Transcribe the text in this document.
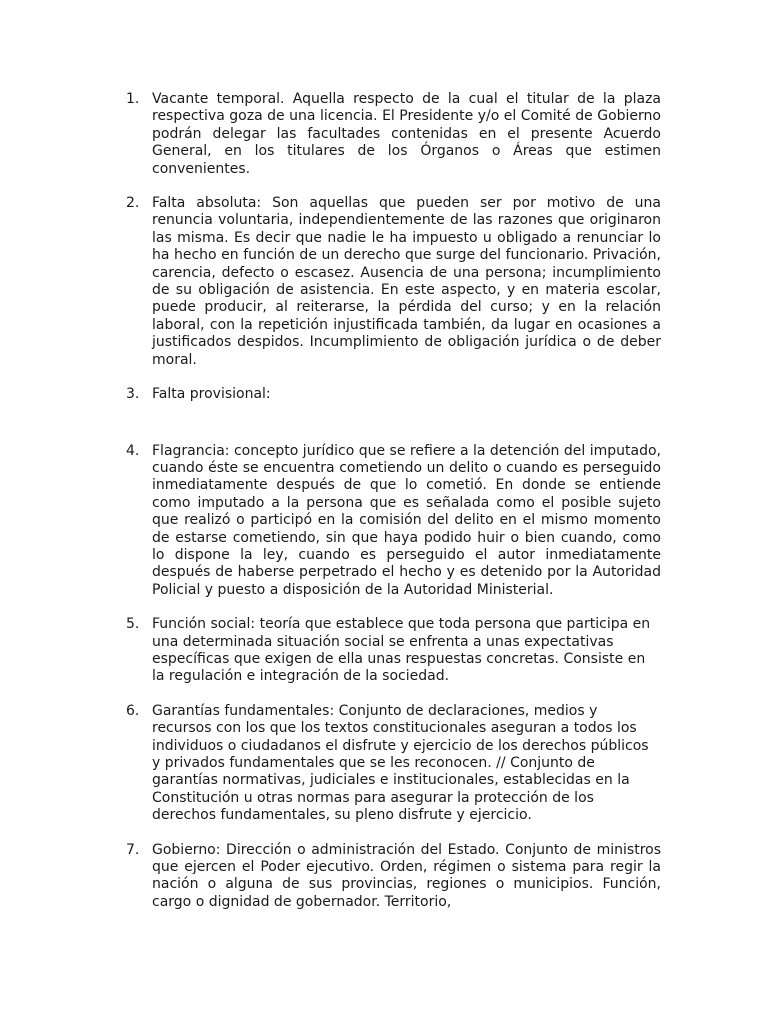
1. Vacante temporal. Aquella respecto de la cual el titular de la plaza respectiva goza de una licencia. El Presidente y/o el Comité de Gobierno podrán delegar las facultades contenidas en el presente Acuerdo General, en los titulares de los Órganos o Áreas que estimen convenientes.
2. Falta absoluta: Son aquellas que pueden ser por motivo de una renuncia voluntaria, independientemente de las razones que originaron las misma. Es decir que nadie le ha impuesto u obligado a renunciar lo ha hecho en función de un derecho que surge del funcionario. Privación, carencia, defecto o escasez. Ausencia de una persona; incumplimiento de su obligación de asistencia. En este aspecto, y en materia escolar, puede producir, al reiterarse, la pérdida del curso; y en la relación laboral, con la repetición injustificada también, da lugar en ocasiones a justificados despidos. Incumplimiento de obligación jurídica o de deber moral.
3. Falta provisional:
4. Flagrancia: concepto jurídico que se refiere a la detención del imputado, cuando éste se encuentra cometiendo un delito o cuando es perseguido inmediatamente después de que lo cometió. En donde se entiende como imputado a la persona que es señalada como el posible sujeto que realizó o participó en la comisión del delito en el mismo momento de estarse cometiendo, sin que haya podido huir o bien cuando, como lo dispone la ley, cuando es perseguido el autor inmediatamente después de haberse perpetrado el hecho y es detenido por la Autoridad Policial y puesto a disposición de la Autoridad Ministerial.
5. Función social: teoría que establece que toda persona que participa en una determinada situación social se enfrenta a unas expectativas específicas que exigen de ella unas respuestas concretas. Consiste en la regulación e integración de la sociedad.
6. Garantías fundamentales: Conjunto de declaraciones, medios y recursos con los que los textos constitucionales aseguran a todos los individuos o ciudadanos el disfrute y ejercicio de los derechos públicos y privados fundamentales que se les reconocen. // Conjunto de garantías normativas, judiciales e institucionales, establecidas en la Constitución u otras normas para asegurar la protección de los derechos fundamentales, su pleno disfrute y ejercicio.
7. Gobierno: Dirección o administración del Estado. Conjunto de ministros que ejercen el Poder ejecutivo. Orden, régimen o sistema para regir la nación o alguna de sus provincias, regiones o municipios. Función, cargo o dignidad de gobernador. Territorio,
